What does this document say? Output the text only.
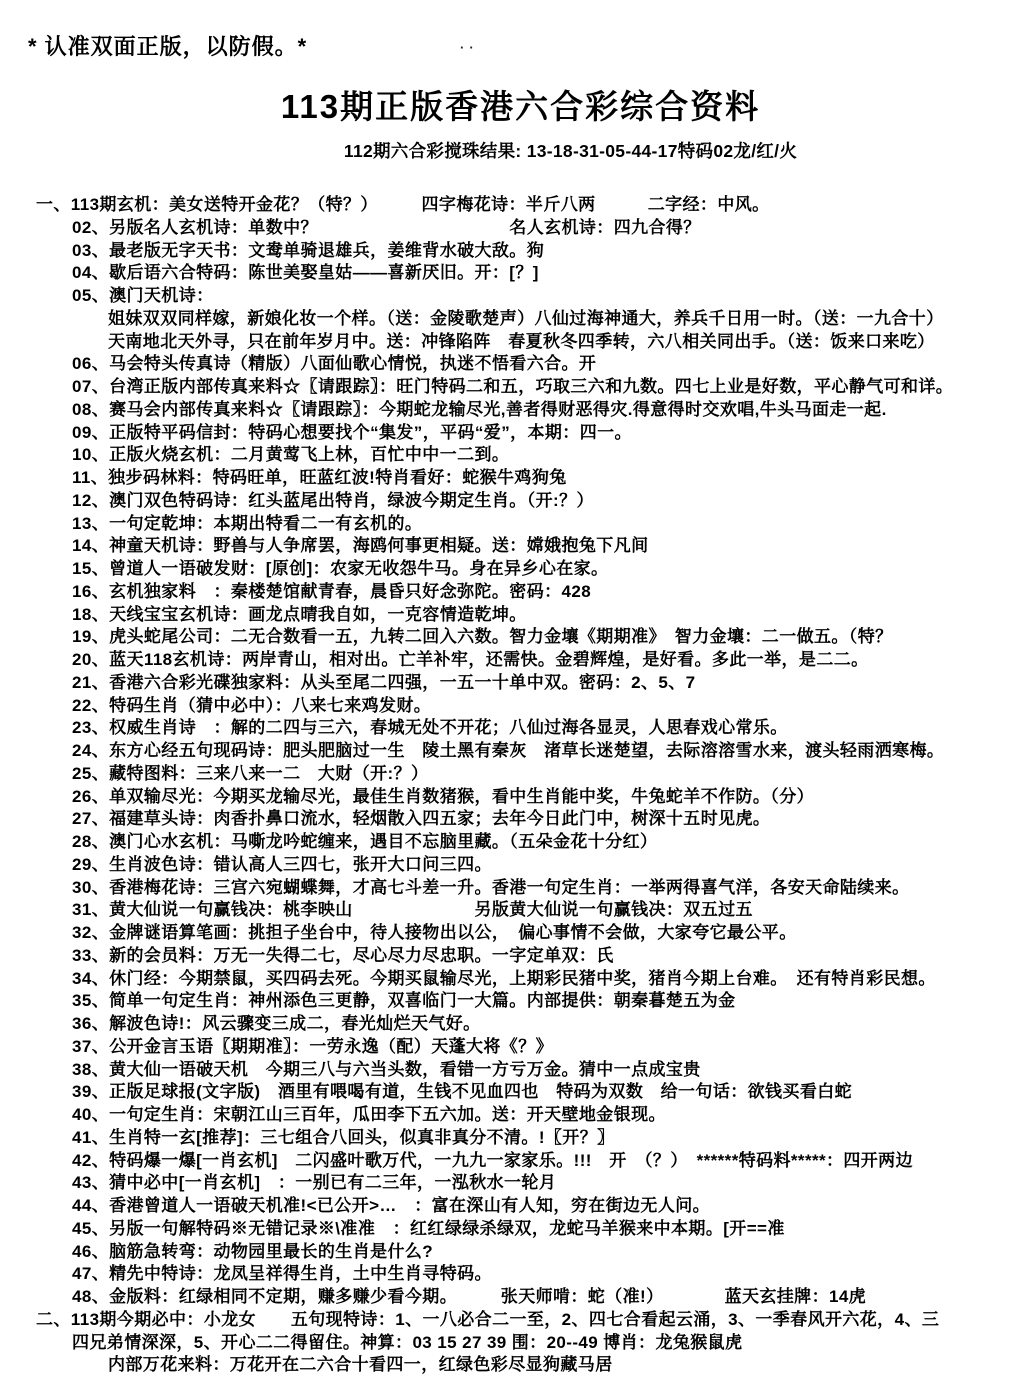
* 认准双面正版，以防假。*	··
113期正版香港六合彩综合资料
112期六合彩搅珠结果: 13-18-31-05-44-17特码02龙/红/火
一、113期玄机：美女送特开金花？（特？）　　　四字梅花诗：半斤八两　　　二字经：中风。
02、另版名人玄机诗：单数中？　　　　　　　　　　　名人玄机诗：四九合得？
03、最老版无字天书：文鸯单骑退雄兵，姜维背水破大敌。狗
04、歇后语六合特码：陈世美娶皇姑——喜新厌旧。开：[？]
05、澳门天机诗：
姐妹双双同样嫁，新娘化妆一个样。（送：金陵歌楚声）八仙过海神通大，养兵千日用一时。（送：一九合十）
天南地北天外寻，只在前年岁月中。送：冲锋陷阵　春夏秋冬四季转，六八相关同出手。（送：饭来口来吃）
06、马会特头传真诗（精版）八面仙歌心情悦，执迷不悟看六合。开
07、台湾正版内部传真来料☆〖请跟踪〗：旺门特码二和五，巧取三六和九数。四七上业是好数，平心静气可和详。
08、赛马会内部传真来料☆〖请跟踪〗：今期蛇龙输尽光,善者得财恶得灾.得意得时交欢唱,牛头马面走一起.
09、正版特平码信封：特码心想要找个“集发”，平码“爱”，本期：四一。
10、正版火烧玄机：二月黄莺飞上林，百忙中中一二到。
11、独步码林料：特码旺单，旺蓝红波!特肖看好：蛇猴牛鸡狗兔
12、澳门双色特码诗：红头蓝尾出特肖，绿波今期定生肖。（开:？）
13、一句定乾坤：本期出特看二一有玄机的。
14、神童天机诗：野兽与人争席罢，海鸥何事更相疑。送：嫦娥抱兔下凡间
15、曾道人一语破发财：[原创]：农家无收怨牛马。身在异乡心在家。
16、玄机独家料　：秦楼楚馆献青春，晨昏只好念弥陀。密码：428
18、天线宝宝玄机诗：画龙点晴我自如，一克容情造乾坤。
19、虎头蛇尾公司：二无合数看一五，九转二回入六数。智力金壤《期期准》　智力金壤：二一做五。（特？
20、蓝天118玄机诗：两岸青山，相对出。亡羊补牢，还需快。金碧辉煌，是好看。多此一举，是二二。
21、香港六合彩光碟独家料：从头至尾二四强，一五一十单中双。密码：2、5、7
22、特码生肖（猜中必中）：八来七来鸡发财。
23、权威生肖诗　：解的二四与三六，春城无处不开花；八仙过海各显灵，人思春戏心常乐。
24、东方心经五句现码诗：肥头肥脑过一生　陵土黑有秦灰　渚草长迷楚望，去际溶溶雪水来，渡头轻雨洒寒梅。
25、藏特图料：三来八来一二　大财（开:？）
26、单双输尽光：今期买龙输尽光，最佳生肖数猪猴，看中生肖能中奖，牛兔蛇羊不作防。（分）
27、福建草头诗：肉香扑鼻口流水，轻烟散入四五家；去年今日此门中，树深十五时见虎。
28、澳门心水玄机：马嘶龙吟蛇缠来，遇目不忘脑里藏。（五朵金花十分红）
29、生肖波色诗：错认高人三四七，张开大口问三四。
30、香港梅花诗：三宫六宛蝴蝶舞，才高七斗差一升。香港一句定生肖：一举两得喜气洋，各安天命陆续来。
31、黄大仙说一句赢钱决：桃李映山　　　　　　　另版黄大仙说一句赢钱决：双五过五
32、金牌谜语算笔画：挑担子坐台中，待人接物出以公，　偏心事情不会做，大家夸它最公平。
33、新的会员料：万无一失得二七，尽心尽力尽忠职。一字定单双：氏
34、休门经：今期禁鼠，买四码去死。今期买鼠输尽光，上期彩民猪中奖，猪肖今期上台难。　还有特肖彩民想。
35、简单一句定生肖：神州添色三更静，双喜临门一大篇。内部提供：朝秦暮楚五为金
36、解波色诗!：风云骤变三成二，春光灿烂天气好。
37、公开金言玉语〖期期准〗：一劳永逸（配）天蓬大将《？》
38、黄大仙一语破天机　今期三八与六当头数，看错一方亏万金。猜中一点成宝贵
39、正版足球报(文字版)　酒里有喂喝有道，生钱不见血四也　特码为双数　给一句话：欲钱买看白蛇
40、一句定生肖：宋朝江山三百年，瓜田李下五六加。送：开天壁地金银现。
41、生肖特一玄[推荐]：三七组合八回头，似真非真分不清。!〖开？〗
42、特码爆一爆[一肖玄机]　二闪盛叶歌万代，一九九一家家乐。!!!　开　（？）　******特码料*****：四开两边
43、猜中必中[一肖玄机]　：一别已有二三年，一泓秋水一轮月
44、香港曾道人一语破天机准!<已公开>…　：富在深山有人知，穷在街边无人问。
45、另版一句解特码※无错记录※\准准　：红红绿绿杀绿双，龙蛇马羊猴来中本期。[开==准
46、脑筋急转弯：动物园里最长的生肖是什么?
47、精先中特诗：龙凤呈祥得生肖，土中生肖寻特码。
48、金版料：红绿相同不定期，赚多赚少看今期。　　　张天师啃：蛇（准!）　　　　蓝天玄挂牌：14虎
二、113期今期必中：小龙女　　五句现特诗：1、一八必合二一至，2、四七合看起云涌，3、一季春风开六花，4、三
四兄弟情深深，5、开心二二得留住。神算：03 15 27 39 围：20--49 博肖：龙兔猴鼠虎
内部万花来料：万花开在二六合十看四一，红绿色彩尽显狗藏马居
